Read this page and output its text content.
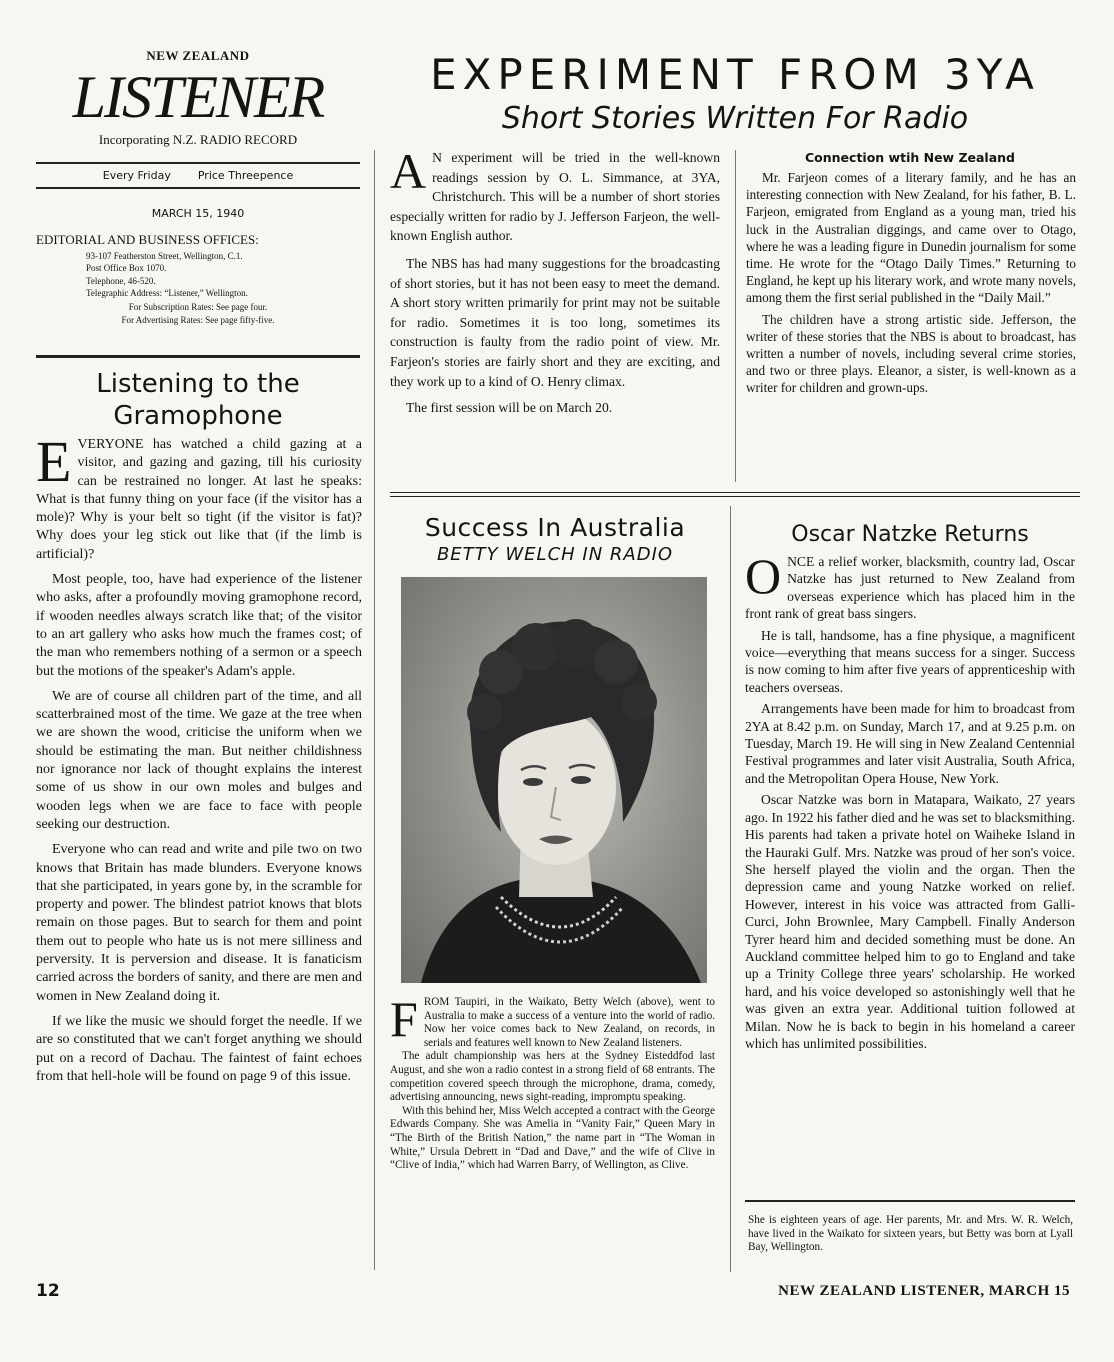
NEW ZEALAND
LISTENER
Incorporating N.Z. RADIO RECORD
Every Friday Price Threepence
MARCH 15, 1940
EDITORIAL AND BUSINESS OFFICES:
93-107 Featherston Street, Wellington, C.1.
Post Office Box 1070.
Telephone, 46-520.
Telegraphic Address: “Listener,” Wellington.
For Subscription Rates: See page four.
For Advertising Rates: See page fifty-five.
Listening to the
Gramophone

EVERYONE has watched a child gazing at a visitor, and gazing and gazing, till his curiosity can be restrained no longer. At last he speaks: What is that funny thing on your face (if the visitor has a mole)? Why is your belt so tight (if the visitor is fat)? Why does your leg stick out like that (if the limb is artificial)?

Most people, too, have had experience of the listener who asks, after a profoundly moving gramophone record, if wooden needles always scratch like that; of the visitor to an art gallery who asks how much the frames cost; of the man who remembers nothing of a sermon or a speech but the motions of the speaker's Adam's apple.

We are of course all children part of the time, and all scatterbrained most of the time. We gaze at the tree when we are shown the wood, criticise the uniform when we should be estimating the man. But neither childishness nor ignorance nor lack of thought explains the interest some of us show in our own moles and bulges and wooden legs when we are face to face with people seeking our destruction.

Everyone who can read and write and pile two on two knows that Britain has made blunders. Everyone knows that she participated, in years gone by, in the scramble for property and power. The blindest patriot knows that blots remain on those pages. But to search for them and point them out to people who hate us is not mere silliness and perversity. It is perversion and disease. It is fanaticism carried across the borders of sanity, and there are men and women in New Zealand doing it.

If we like the music we should forget the needle. If we are so constituted that we can't forget anything we should put on a record of Dachau. The faintest of faint echoes from that hell-hole will be found on page 9 of this issue.

EXPERIMENT FROM 3YA
Short Stories Written For Radio

A N experiment will be tried in the well-known readings session by O. L. Simmance, at 3YA, Christchurch. This will be a number of short stories especially written for radio by J. Jefferson Farjeon, the well-known English author.

The NBS has had many suggestions for the broadcasting of short stories, but it has not been easy to meet the demand. A short story written primarily for print may not be suitable for radio. Sometimes it is too long, sometimes its construction is faulty from the radio point of view. Mr. Farjeon's stories are fairly short and they are exciting, and they work up to a kind of O. Henry climax.

The first session will be on March 20.

Connection wtih New Zealand

Mr. Farjeon comes of a literary family, and he has an interesting connection with New Zealand, for his father, B. L. Farjeon, emigrated from England as a young man, tried his luck in the Australian diggings, and came over to Otago, where he was a leading figure in Dunedin journalism for some time. He wrote for the “Otago Daily Times.” Returning to England, he kept up his literary work, and wrote many novels, among them the first serial published in the “Daily Mail.”

The children have a strong artistic side. Jefferson, the writer of these stories that the NBS is about to broadcast, has written a number of novels, including several crime stories, and two or three plays. Eleanor, a sister, is well-known as a writer for children and grown-ups.

Success In Australia
BETTY WELCH IN RADIO

FROM Taupiri, in the Waikato, Betty Welch (above), went to Australia to make a success of a venture into the world of radio. Now her voice comes back to New Zealand, on records, in serials and features well known to New Zealand listeners.

The adult championship was hers at the Sydney Eisteddfod last August, and she won a radio contest in a strong field of 68 entrants. The competition covered speech through the microphone, drama, comedy, advertising announcing, news sight-reading, impromptu speaking.

With this behind her, Miss Welch accepted a contract with the George Edwards Company. She was Amelia in “Vanity Fair,” Queen Mary in “The Birth of the British Nation,” the name part in “The Woman in White,” Ursula Debrett in “Dad and Dave,” and the wife of Clive in “Clive of India,” which had Warren Barry, of Wellington, as Clive.

Oscar Natzke Returns

ONCE a relief worker, blacksmith, country lad, Oscar Natzke has just returned to New Zealand from overseas experience which has placed him in the front rank of great bass singers.

He is tall, handsome, has a fine physique, a magnificent voice—everything that means success for a singer. Success is now coming to him after five years of apprenticeship with teachers overseas.

Arrangements have been made for him to broadcast from 2YA at 8.42 p.m. on Sunday, March 17, and at 9.25 p.m. on Tuesday, March 19. He will sing in New Zealand Centennial Festival programmes and later visit Australia, South Africa, and the Metropolitan Opera House, New York.

Oscar Natzke was born in Matapara, Waikato, 27 years ago. In 1922 his father died and he was set to blacksmithing. His parents had taken a private hotel on Waiheke Island in the Hauraki Gulf. Mrs. Natzke was proud of her son's voice. She herself played the violin and the organ. Then the depression came and young Natzke worked on relief. However, interest in his voice was attracted from Galli-Curci, John Brownlee, Mary Campbell. Finally Anderson Tyrer heard him and decided something must be done. An Auckland committee helped him to go to England and take up a Trinity College three years' scholarship. He worked hard, and his voice developed so astonishingly well that he was given an extra year. Additional tuition followed at Milan. Now he is back to begin in his homeland a career which has unlimited possibilities.

She is eighteen years of age. Her parents, Mr. and Mrs. W. R. Welch, have lived in the Waikato for sixteen years, but Betty was born at Lyall Bay, Wellington.

12	NEW ZEALAND LISTENER, MARCH 15
